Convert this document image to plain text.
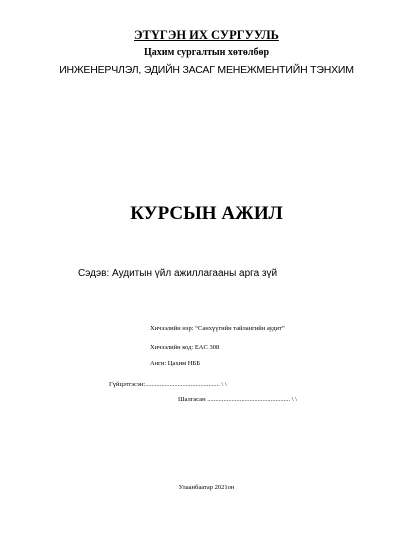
ЭТҮГЭН ИХ СУРГУУЛЬ
Цахим сургалтын хөтөлбөр
ИНЖЕНЕРЧЛЭЛ, ЭДИЙН ЗАСАГ МЕНЕЖМЕНТИЙН ТЭНХИМ
КУРСЫН АЖИЛ
Сэдэв: Аудитын үйл ажиллагааны арга зүй
Хичээлийн нэр: “Санхүүгийн тайлангийн аудит”
Хичээлийн код: EAC 308
Анги: Цахим НББ
Гүйцэтгэсэн:.............................................. \ \
Шалгасан ................................................... \ \
Улаанбаатар 2021он
